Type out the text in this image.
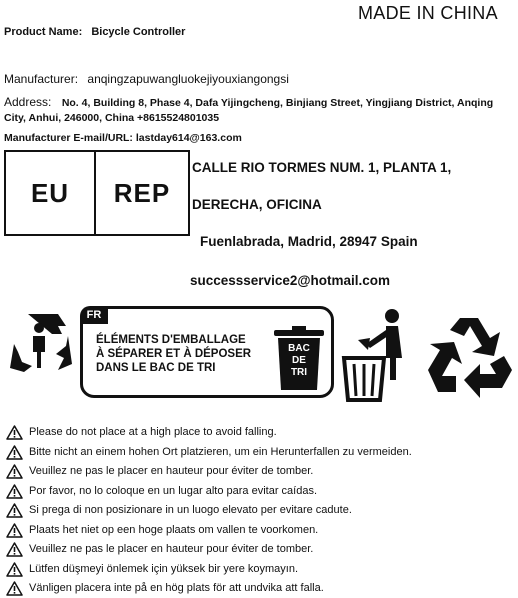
MADE IN CHINA
Product Name: Bicycle Controller
Manufacturer: anqingzapuwangluokejiyouxiangongsi
Address: No. 4, Building 8, Phase 4, Dafa Yijingcheng, Binjiang Street, Yingjiang District, Anqing
City, Anhui, 246000, China +8615524801035
Manufacturer E-mail/URL: lastday614@163.com
EU	REP
CALLE RIO TORMES NUM. 1, PLANTA 1,
DERECHA, OFICINA
Fuenlabrada, Madrid, 28947 Spain
successservice2@hotmail.com
FR
ÉLÉMENTS D'EMBALLAGE
À SÉPARER ET À DÉPOSER
DANS LE BAC DE TRI
BAC
DE
TRI
Please do not place at a high place to avoid falling.
Bitte nicht an einem hohen Ort platzieren, um ein Herunterfallen zu vermeiden.
Veuillez ne pas le placer en hauteur pour éviter de tomber.
Por favor, no lo coloque en un lugar alto para evitar caídas.
Si prega di non posizionare in un luogo elevato per evitare cadute.
Plaats het niet op een hoge plaats om vallen te voorkomen.
Veuillez ne pas le placer en hauteur pour éviter de tomber.
Lütfen düşmeyi önlemek için yüksek bir yere koymayın.
Vänligen placera inte på en hög plats för att undvika att falla.
